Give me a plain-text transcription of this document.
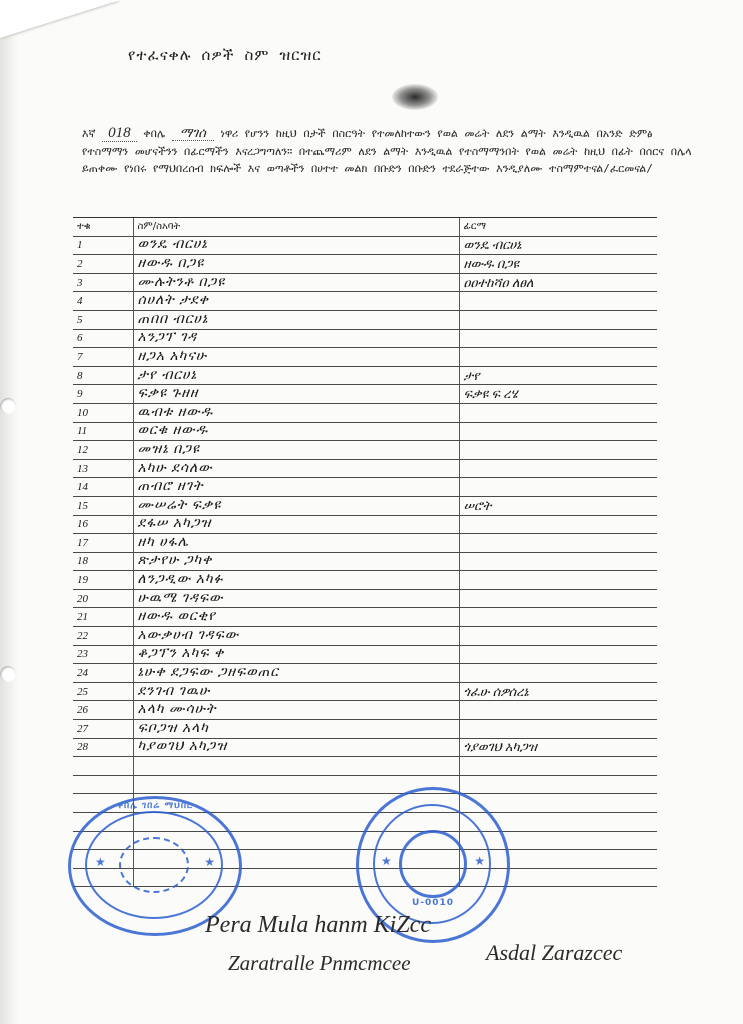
የተፈናቀሉ ሰዎች ስም ዝርዝር
እኛ 018 ቀበሌ ማገሰ ነዋሪ የሆንን ከዚህ በታች በስርዓት የተመለከተውን የወል መሬት ለደን ልማት እንዲዉል በአንድ ድምፅ የተስማማን መሆናችንን በፊርማችን እናረጋግጣለን። በተጨማሪም ለደን ልማት እንዲዉል የተስማማንበት የወል መሬት ከዚህ በፊት በሰርና በሌላ ይጠቀሙ የነበሩ የማህበረሰብ ክፍሎች እና ወጣቶችን በሀተተ መልክ በቡድን በቡድን ተደራጅተው እንዲያለሙ ተስማምተናል/ፈርመናል/
ተቁ	ስም/ስአባት	ፊርማ
1	ወንዴ ብርሀኔ	ወንዴ ብርሀኔ
2	ዘውዱ በጋዩ	ዘውዱ በጋዩ
3	ሙሉትንቶ በጋዩ	ዐዐተከሻዐ ለፀለ
4	ሰሀለት ታደቀ	
5	ጠበበ ብርሀኔ	
6	አንጋፕ ገዳ	
7	ዘጋአ አካናሁ	
8	ታየ ብርሀኔ	ታየ
9	ፍቃዩ ጉዘዘ	ፍቃዩ ፍ ረሄ
10	ዉብቱ ዘውዱ	
11	ወርቁ ዘውዱ	
12	መዝኔ በጋዩ	
13	አካሁ ደሳለው	
14	ጠብሮ ዘገት	
15	ሙሠሬት ፍቃዩ	ሠሮት
16	ደፋሠ አካጋዝ	
17	ዘካ ሀፋሌ	
18	ጽታየሁ ጋካቀ	
19	ለንጋዲው አካፉ	
20	ሁዉሜ ገዳፍው	
21	ዘውዱ ወርቂየ	
22	አውቃሀብ ገዳፍው	
23	ቆጋፕን አካፍ ቀ	
24	ኔሁቀ ደጋፍው ጋዘፍወጠር	
25	ደንገብ ገዉሁ	ጎፈሁ ሰዎሰረኔ
26	አላካ ሙሳሁት	
27	ፍቦጋዝ አላካ	
28	ካያወገህ አካጋዝ	ጎያወገህ አካጋዝ

★	★
ቀበሌ ገበሬ ማህበር
★	★
U-0010
Pera Mula hanm KiZcc
Zaratralle Pnmcmcee	Asdal Zarazcec
